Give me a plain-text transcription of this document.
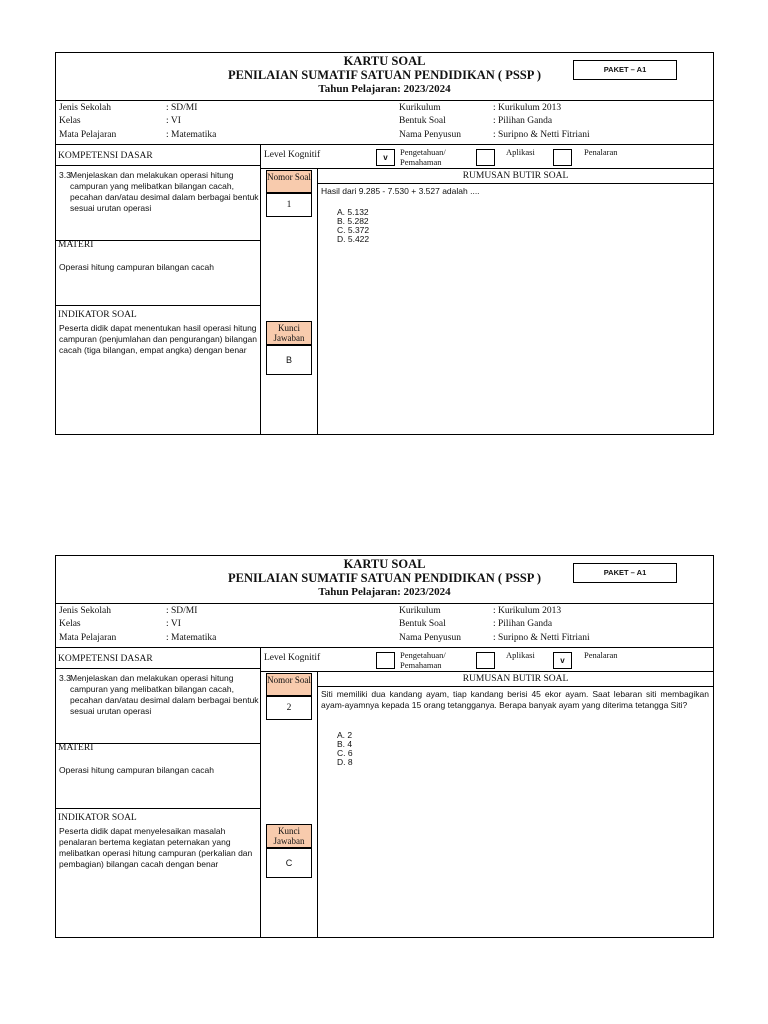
KARTU SOAL
PENILAIAN SUMATIF SATUAN PENDIDIKAN ( PSSP )
Tahun Pelajaran: 2023/2024
PAKET – A1
Jenis Sekolah	: SD/MI	Kurikulum	: Kurikulum 2013
Kelas	: VI	Bentuk Soal	: Pilihan Ganda
Mata Pelajaran	: Matematika	Nama Penyusun	: Suripno & Netti Fitriani
KOMPETENSI DASAR
3.3 Menjelaskan dan melakukan operasi hitung campuran yang melibatkan bilangan cacah, pecahan dan/atau desimal dalam berbagai bentuk sesuai urutan operasi
MATERI
Operasi hitung campuran bilangan cacah
INDIKATOR SOAL
Peserta didik dapat menentukan hasil operasi hitung campuran (penjumlahan dan pengurangan) bilangan cacah (tiga bilangan, empat angka) dengan benar
Level Kognitif	v
Pengetahuan/ Pemahaman
Aplikasi	Penalaran
Nomor Soal
1
Kunci Jawaban
B
RUMUSAN BUTIR SOAL
Hasil dari 9.285 - 7.530 + 3.527 adalah ....
A. 5.132
B. 5.282
C. 5.372
D. 5.422
KARTU SOAL
PENILAIAN SUMATIF SATUAN PENDIDIKAN ( PSSP )
Tahun Pelajaran: 2023/2024
PAKET – A1
Jenis Sekolah	: SD/MI	Kurikulum	: Kurikulum 2013
Kelas	: VI	Bentuk Soal	: Pilihan Ganda
Mata Pelajaran	: Matematika	Nama Penyusun	: Suripno & Netti Fitriani
KOMPETENSI DASAR
3.3 Menjelaskan dan melakukan operasi hitung campuran yang melibatkan bilangan cacah, pecahan dan/atau desimal dalam berbagai bentuk sesuai urutan operasi
MATERI
Operasi hitung campuran bilangan cacah
INDIKATOR SOAL
Peserta didik dapat menyelesaikan masalah penalaran bertema kegiatan peternakan yang melibatkan operasi hitung campuran (perkalian dan pembagian) bilangan cacah dengan benar
Level Kognitif	Pengetahuan/ Pemahaman
Aplikasi
v
Penalaran
Nomor Soal
2
Kunci Jawaban
C
RUMUSAN BUTIR SOAL
Siti memiliki dua kandang ayam, tiap kandang berisi 45 ekor ayam. Saat lebaran siti membagikan ayam-ayamnya kepada 15 orang tetangganya. Berapa banyak ayam yang diterima tetangga Siti?
A. 2
B. 4
C. 6
D. 8
